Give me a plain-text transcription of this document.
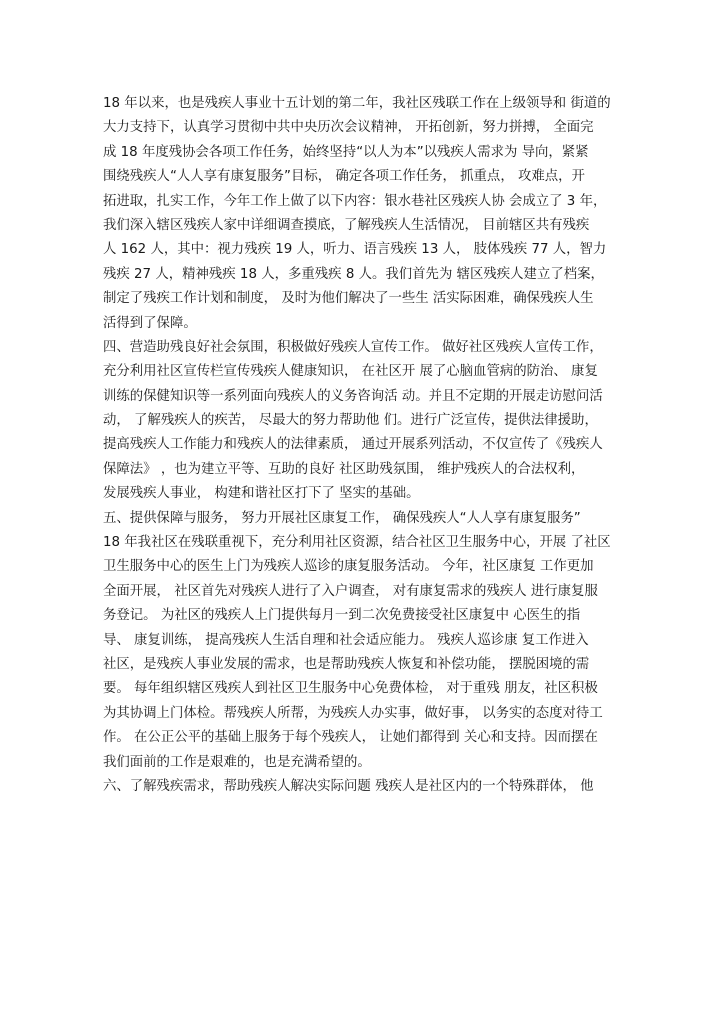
18 年以来，也是残疾人事业十五计划的第二年，我社区残联工作在上级领导和 街道的
大力支持下，认真学习贯彻中共中央历次会议精神， 开拓创新，努力拼搏， 全面完
成 18 年度残协会各项工作任务，始终坚持“以人为本”以残疾人需求为 导向，紧紧
围绕残疾人“人人享有康复服务”目标， 确定各项工作任务， 抓重点， 攻难点，开
拓进取，扎实工作，今年工作上做了以下内容：银水巷社区残疾人协 会成立了 3 年，
我们深入辖区残疾人家中详细调查摸底，了解残疾人生活情况， 目前辖区共有残疾
人 162 人，其中：视力残疾 19 人，听力、语言残疾 13 人， 肢体残疾 77 人，智力
残疾 27 人，精神残疾 18 人，多重残疾 8 人。我们首先为 辖区残疾人建立了档案，
制定了残疾工作计划和制度， 及时为他们解决了一些生 活实际困难，确保残疾人生
活得到了保障。
四、营造助残良好社会氛围，积极做好残疾人宣传工作。 做好社区残疾人宣传工作，
充分利用社区宣传栏宣传残疾人健康知识， 在社区开 展了心脑血管病的防治、 康复
训练的保健知识等一系列面向残疾人的义务咨询活 动。并且不定期的开展走访慰问活
动， 了解残疾人的疾苦， 尽最大的努力帮助他 们。进行广泛宣传，提供法律援助，
提高残疾人工作能力和残疾人的法律素质， 通过开展系列活动，不仅宣传了《残疾人
保障法》 ，也为建立平等、互助的良好 社区助残氛围， 维护残疾人的合法权利，
发展残疾人事业， 构建和谐社区打下了 坚实的基础。
五、提供保障与服务， 努力开展社区康复工作， 确保残疾人“人人享有康复服务”
18 年我社区在残联重视下，充分利用社区资源，结合社区卫生服务中心，开展 了社区
卫生服务中心的医生上门为残疾人巡诊的康复服务活动。 今年，社区康复 工作更加
全面开展， 社区首先对残疾人进行了入户调查， 对有康复需求的残疾人 进行康复服
务登记。 为社区的残疾人上门提供每月一到二次免费接受社区康复中 心医生的指
导、 康复训练， 提高残疾人生活自理和社会适应能力。 残疾人巡诊康 复工作进入
社区，是残疾人事业发展的需求，也是帮助残疾人恢复和补偿功能， 摆脱困境的需
要。 每年组织辖区残疾人到社区卫生服务中心免费体检， 对于重残 朋友，社区积极
为其协调上门体检。帮残疾人所帮，为残疾人办实事，做好事， 以务实的态度对待工
作。 在公正公平的基础上服务于每个残疾人， 让她们都得到 关心和支持。因而摆在
我们面前的工作是艰难的，也是充满希望的。
六、了解残疾需求，帮助残疾人解决实际问题 残疾人是社区内的一个特殊群体， 他
